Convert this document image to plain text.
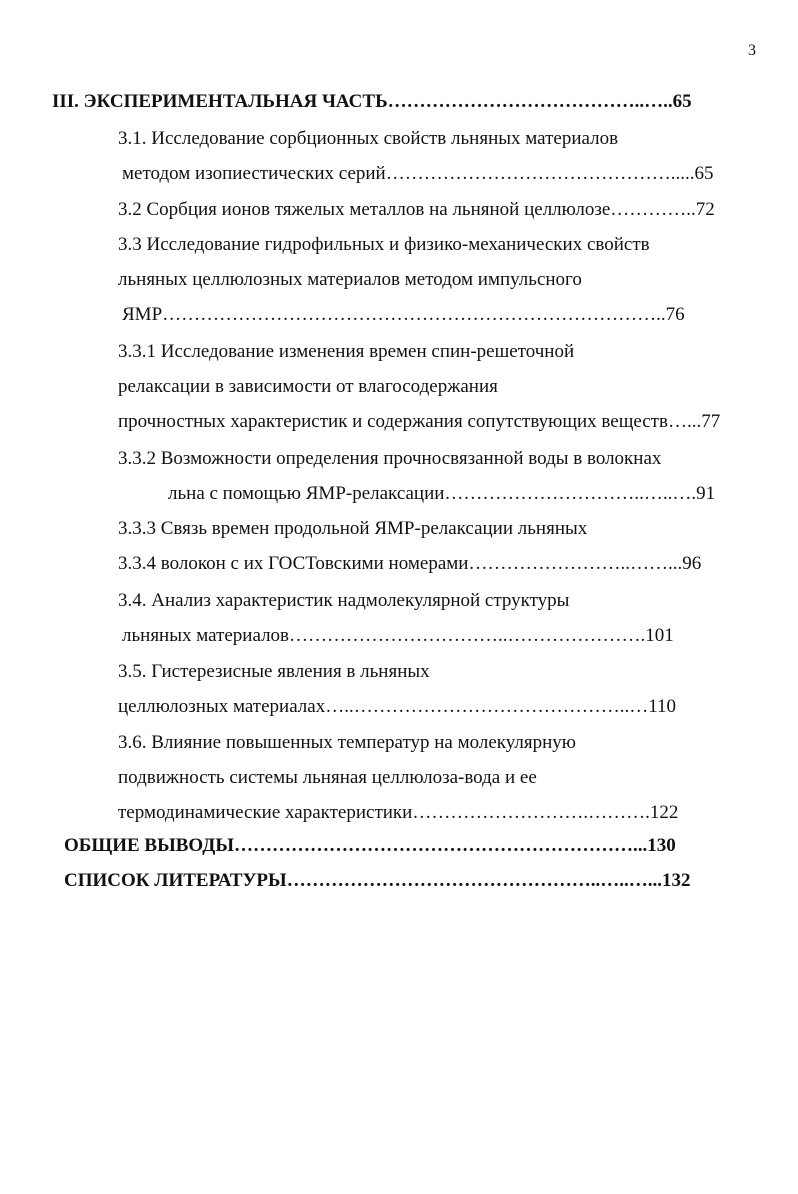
3
III. ЭКСПЕРИМЕНТАЛЬНАЯ ЧАСТЬ…………………………………..…..65
3.1. Исследование сорбционных свойств льняных материалов
методом изопиестических серий……………………………………….....65
3.2 Сорбция ионов тяжелых металлов на льняной целлюлозе…………..72
3.3 Исследование гидрофильных и физико-механических свойств
льняных целлюлозных материалов методом импульсного
ЯМР……………………………………………………………………..76
3.3.1 Исследование изменения времен спин-решеточной
релаксации в зависимости от влагосодержания
прочностных характеристик и содержания сопутствующих веществ…...77
3.3.2 Возможности определения прочносвязанной воды в волокнах
льна с помощью ЯМР-релаксации…………………………..…..….91
3.3.3 Связь времен продольной ЯМР-релаксации льняных
3.3.4 волокон с их ГОСТовскими номерами……………………..……...96
3.4. Анализ характеристик надмолекулярной структуры
льняных материалов……………………………..………………….101
3.5. Гистерезисные явления в льняных
целлюлозных материалах…..……………………………………..…110
3.6. Влияние повышенных температур на молекулярную
подвижность системы льняная целлюлоза-вода и ее
термодинамические характеристики……………………….……….122
ОБЩИЕ ВЫВОДЫ………………………………………………………...130
СПИСОК ЛИТЕРАТУРЫ…………………………………………..…..…...132
